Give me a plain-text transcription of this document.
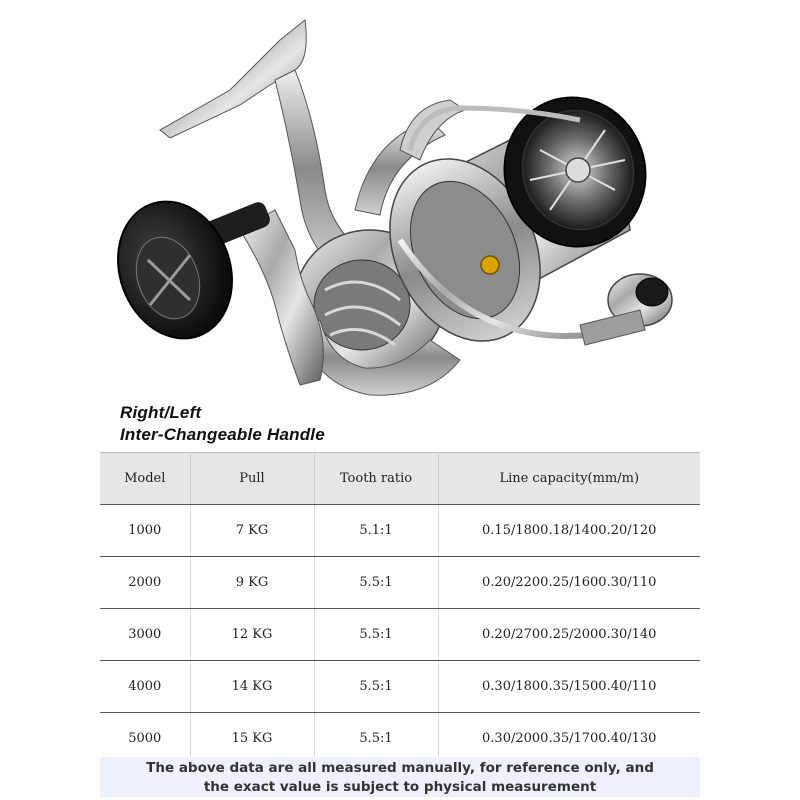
Right/Left
Inter-Changeable Handle
Model	Pull	Tooth ratio	Line capacity(mm/m)
1000	7 KG	5.1:1	0.15/1800.18/1400.20/120
2000	9 KG	5.5:1	0.20/2200.25/1600.30/110
3000	12 KG	5.5:1	0.20/2700.25/2000.30/140
4000	14 KG	5.5:1	0.30/1800.35/1500.40/110
5000	15 KG	5.5:1	0.30/2000.35/1700.40/130
The above data are all measured manually, for reference only, and
the exact value is subject to physical measurement
